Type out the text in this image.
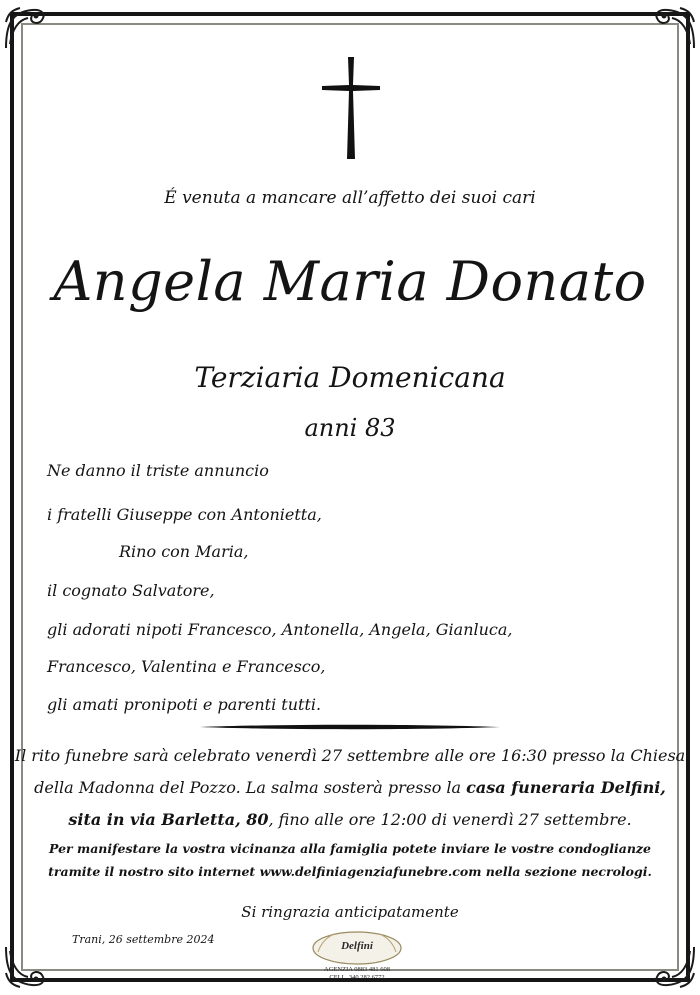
É venuta a mancare all’affetto dei suoi cari
Angela Maria Donato
Terziaria Domenicana
anni 83
Ne danno il triste annuncio
i fratelli Giuseppe con Antonietta,
Rino con Maria,
il cognato Salvatore,
gli adorati nipoti Francesco, Antonella, Angela, Gianluca,
Francesco, Valentina e Francesco,
gli amati pronipoti e parenti tutti.
Il rito funebre sarà celebrato venerdì 27 settembre alle ore 16:30 presso la Chiesa
della Madonna del Pozzo. La salma sosterà presso la casa funeraria Delfini,
sita in via Barletta, 80, fino alle ore 12:00 di venerdì 27 settembre.
Per manifestare la vostra vicinanza alla famiglia potete inviare le vostre condoglianze
tramite il nostro sito internet www.delfiniagenziafunebre.com nella sezione necrologi.
Si ringrazia anticipatamente
Trani, 26 settembre 2024	Delfini
AGENZIA 0883 481 608
CELL. 340 282 6772
